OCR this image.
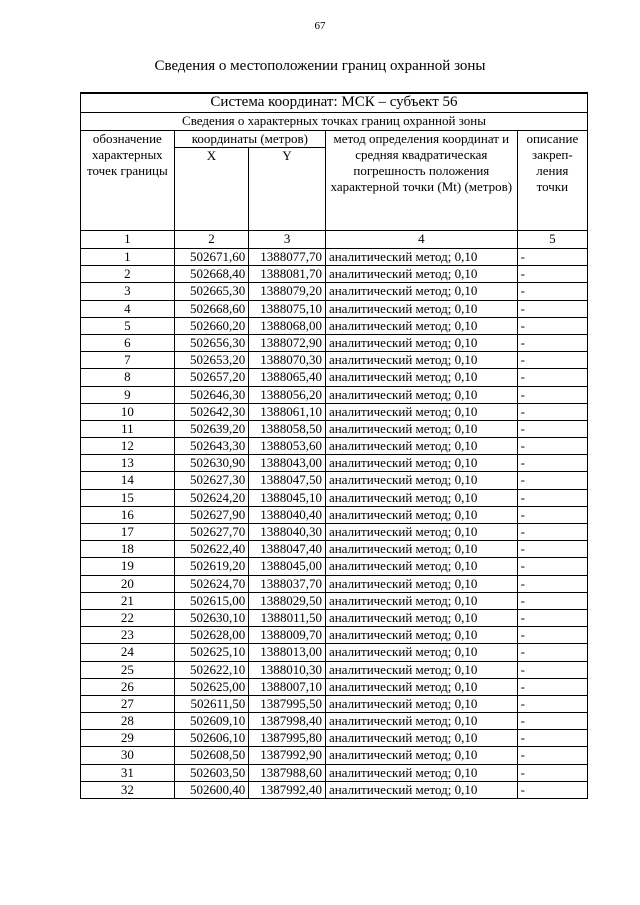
67
Сведения о местоположении границ охранной зоны
Система координат: МСК – субъект 56				
Сведения о характерных точках границ охранной зоны				
обозначение характерных точек границы	координаты (метров)		метод определения координат и средняя квадратическая погрешность положения характерной точки (Mt) (метров)	описание закреп-ления точки
	X	Y		
1	2	3	4	5
1	502671,60	1388077,70	аналитический метод; 0,10	-
2	502668,40	1388081,70	аналитический метод; 0,10	-
3	502665,30	1388079,20	аналитический метод; 0,10	-
4	502668,60	1388075,10	аналитический метод; 0,10	-
5	502660,20	1388068,00	аналитический метод; 0,10	-
6	502656,30	1388072,90	аналитический метод; 0,10	-
7	502653,20	1388070,30	аналитический метод; 0,10	-
8	502657,20	1388065,40	аналитический метод; 0,10	-
9	502646,30	1388056,20	аналитический метод; 0,10	-
10	502642,30	1388061,10	аналитический метод; 0,10	-
11	502639,20	1388058,50	аналитический метод; 0,10	-
12	502643,30	1388053,60	аналитический метод; 0,10	-
13	502630,90	1388043,00	аналитический метод; 0,10	-
14	502627,30	1388047,50	аналитический метод; 0,10	-
15	502624,20	1388045,10	аналитический метод; 0,10	-
16	502627,90	1388040,40	аналитический метод; 0,10	-
17	502627,70	1388040,30	аналитический метод; 0,10	-
18	502622,40	1388047,40	аналитический метод; 0,10	-
19	502619,20	1388045,00	аналитический метод; 0,10	-
20	502624,70	1388037,70	аналитический метод; 0,10	-
21	502615,00	1388029,50	аналитический метод; 0,10	-
22	502630,10	1388011,50	аналитический метод; 0,10	-
23	502628,00	1388009,70	аналитический метод; 0,10	-
24	502625,10	1388013,00	аналитический метод; 0,10	-
25	502622,10	1388010,30	аналитический метод; 0,10	-
26	502625,00	1388007,10	аналитический метод; 0,10	-
27	502611,50	1387995,50	аналитический метод; 0,10	-
28	502609,10	1387998,40	аналитический метод; 0,10	-
29	502606,10	1387995,80	аналитический метод; 0,10	-
30	502608,50	1387992,90	аналитический метод; 0,10	-
31	502603,50	1387988,60	аналитический метод; 0,10	-
32	502600,40	1387992,40	аналитический метод; 0,10	-
